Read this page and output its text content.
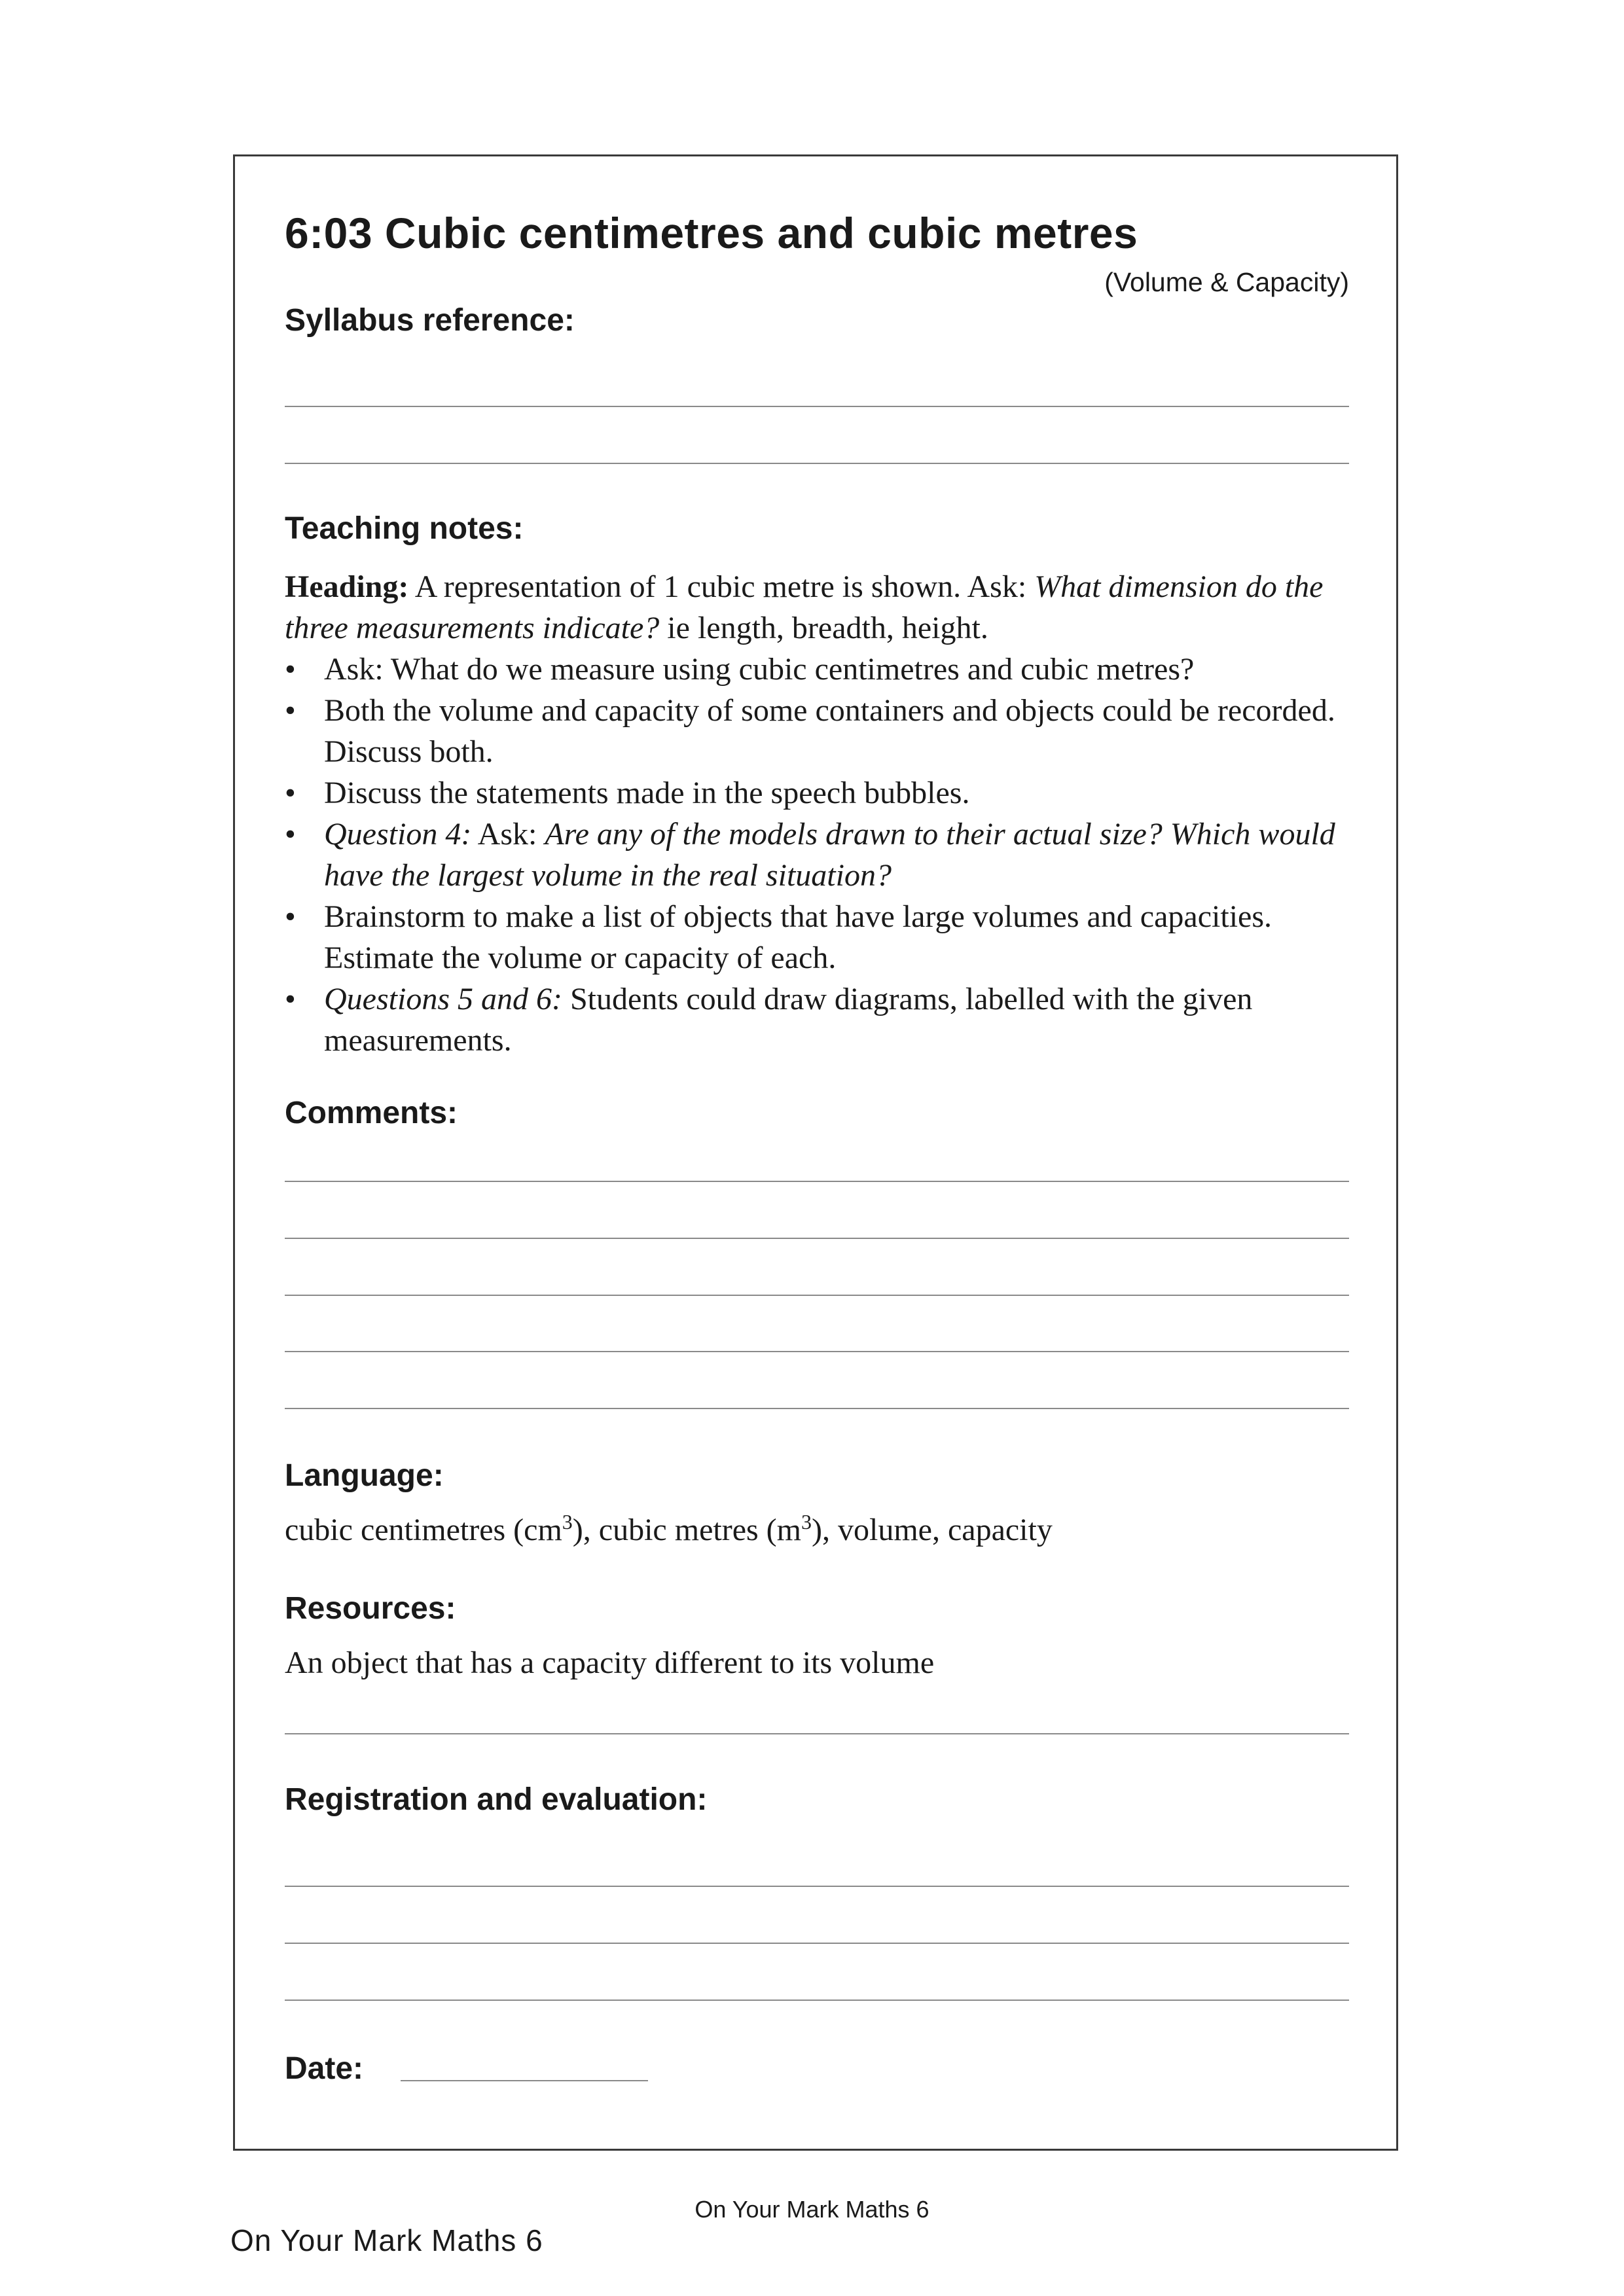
6:03 Cubic centimetres and cubic metres
(Volume & Capacity)
Syllabus reference:
Teaching notes:

Heading: A representation of 1 cubic metre is shown. Ask: What dimension do the three measurements indicate? ie length, breadth, height.

• Ask: What do we measure using cubic centimetres and cubic metres?
• Both the volume and capacity of some containers and objects could be recorded. Discuss both.
• Discuss the statements made in the speech bubbles.
• Question 4: Ask: Are any of the models drawn to their actual size? Which would have the largest volume in the real situation?
• Brainstorm to make a list of objects that have large volumes and capacities. Estimate the volume or capacity of each.
• Questions 5 and 6: Students could draw diagrams, labelled with the given measurements.
Comments:
Language:
cubic centimetres $(cm^3)$, cubic metres $(m^3)$, volume, capacity
Resources:
An object that has a capacity different to its volume
Registration and evaluation:
Date:
On Your Mark Maths 6
On Your Mark Maths 6
